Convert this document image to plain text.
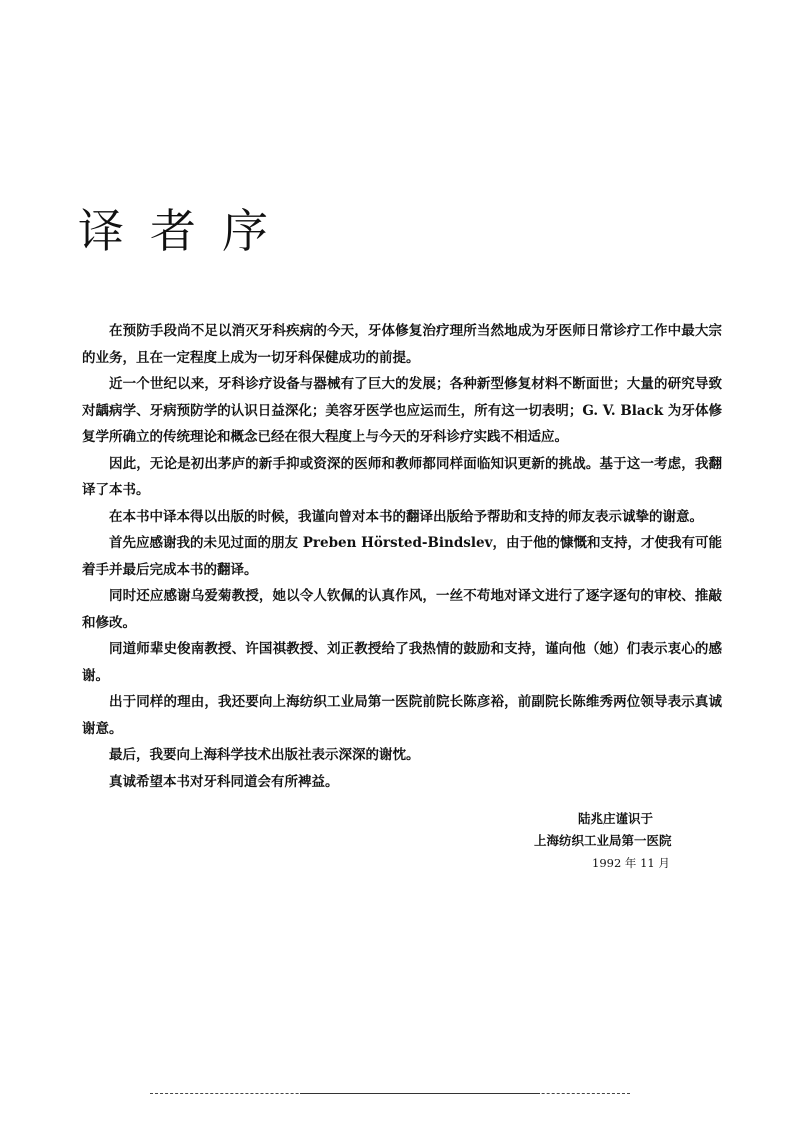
译者序

在预防手段尚不足以消灭牙科疾病的今天，牙体修复治疗理所当然地成为牙医师日常诊疗工作中最大宗的业务，且在一定程度上成为一切牙科保健成功的前提。

近一个世纪以来，牙科诊疗设备与器械有了巨大的发展；各种新型修复材料不断面世；大量的研究导致对龋病学、牙病预防学的认识日益深化；美容牙医学也应运而生，所有这一切表明；G. V. Black 为牙体修复学所确立的传统理论和概念已经在很大程度上与今天的牙科诊疗实践不相适应。

因此，无论是初出茅庐的新手抑或资深的医师和教师都同样面临知识更新的挑战。基于这一考虑，我翻译了本书。

在本书中译本得以出版的时候，我谨向曾对本书的翻译出版给予帮助和支持的师友表示诚挚的谢意。

首先应感谢我的未见过面的朋友 Preben Hörsted-Bindslev，由于他的慷慨和支持，才使我有可能着手并最后完成本书的翻译。

同时还应感谢乌爱菊教授，她以令人钦佩的认真作风，一丝不苟地对译文进行了逐字逐句的审校、推敲和修改。

同道师辈史俊南教授、许国祺教授、刘正教授给了我热情的鼓励和支持，谨向他（她）们表示衷心的感谢。

出于同样的理由，我还要向上海纺织工业局第一医院前院长陈彦裕，前副院长陈维秀两位领导表示真诚谢意。

最后，我要向上海科学技术出版社表示深深的谢忱。

真诚希望本书对牙科同道会有所裨益。

陆兆庄谨识于
上海纺织工业局第一医院
1992 年 11 月
